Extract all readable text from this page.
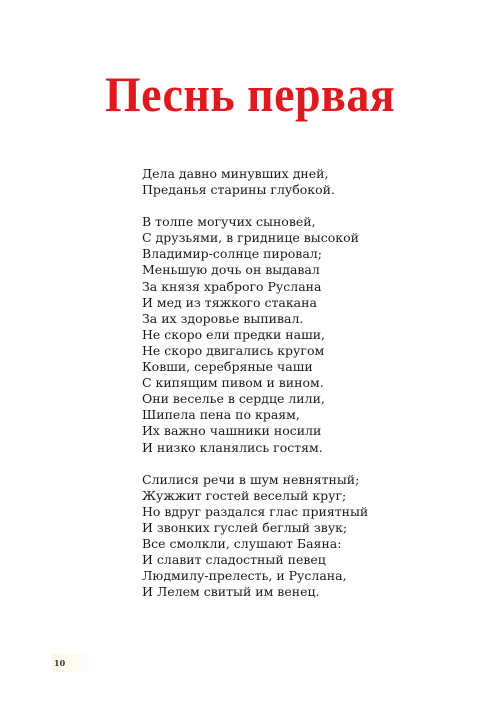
Песнь первая
Дела давно минувших дней,
Преданья старины глубокой.
В толпе могучих сыновей,
С друзьями, в гриднице высокой
Владимир-солнце пировал;
Меньшую дочь он выдавал
За князя храброго Руслана
И мед из тяжкого стакана
За их здоровье выпивал.
Не скоро ели предки наши,
Не скоро двигались кругом
Ковши, серебряные чаши
С кипящим пивом и вином.
Они веселье в сердце лили,
Шипела пена по краям,
Их важно чашники носили
И низко кланялись гостям.
Слилися речи в шум невнятный;
Жужжит гостей веселый круг;
Но вдруг раздался глас приятный
И звонких гуслей беглый звук;
Все смолкли, слушают Баяна:
И славит сладостный певец
Людмилу-прелесть, и Руслана,
И Лелем свитый им венец.
10
